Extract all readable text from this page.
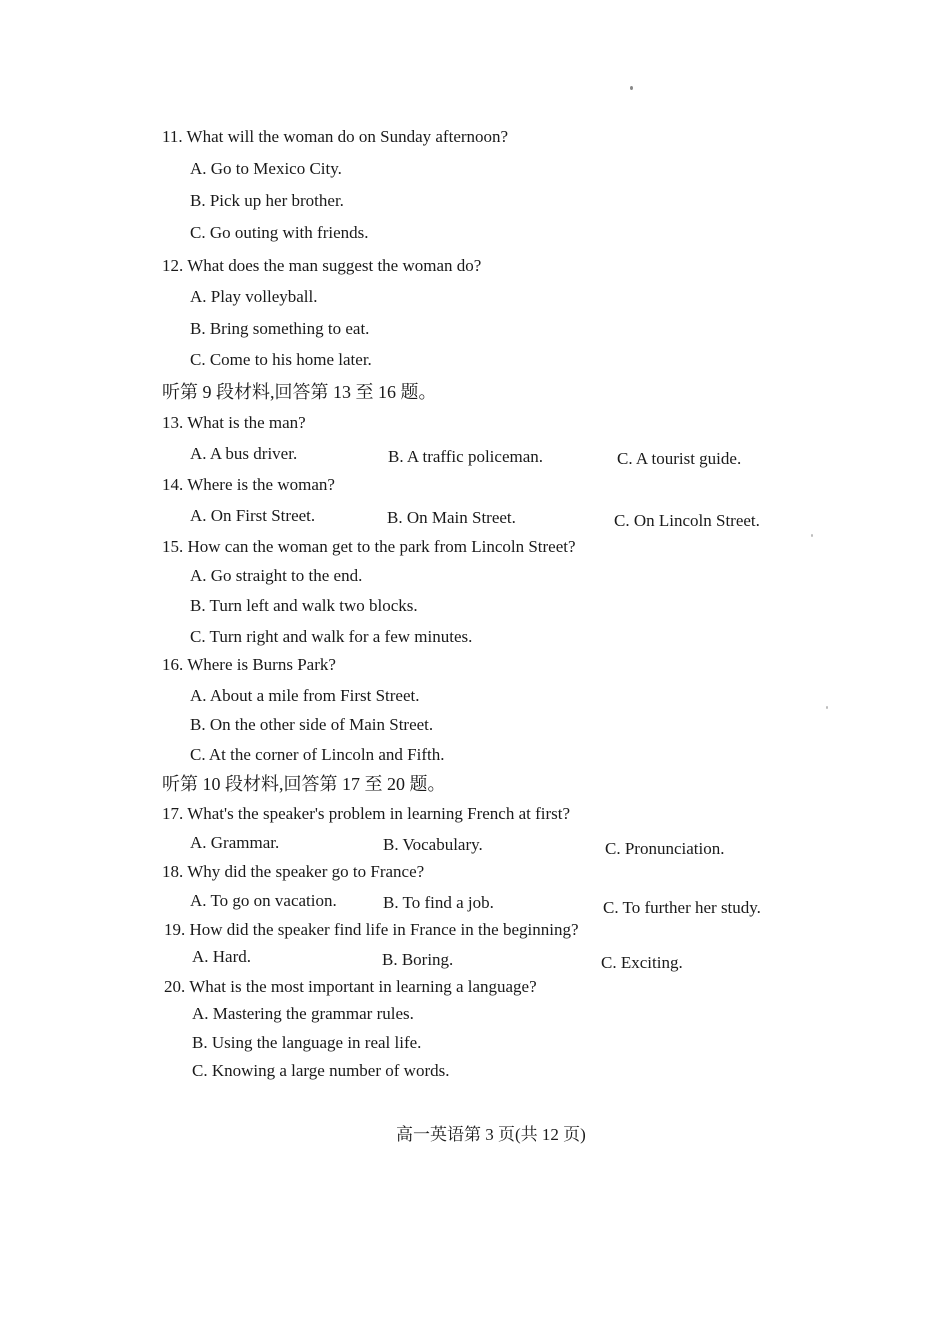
11. What will the woman do on Sunday afternoon?
A. Go to Mexico City.
B. Pick up her brother.
C. Go outing with friends.
12. What does the man suggest the woman do?
A. Play volleyball.
B. Bring something to eat.
C. Come to his home later.
听第 9 段材料,回答第 13 至 16 题。
13. What is the man?
A. A bus driver.	B. A traffic policeman.	C. A tourist guide.
14. Where is the woman?
A. On First Street.	B. On Main Street.	C. On Lincoln Street.
15. How can the woman get to the park from Lincoln Street?
A. Go straight to the end.
B. Turn left and walk two blocks.
C. Turn right and walk for a few minutes.
16. Where is Burns Park?
A. About a mile from First Street.
B. On the other side of Main Street.
C. At the corner of Lincoln and Fifth.
听第 10 段材料,回答第 17 至 20 题。
17. What's the speaker's problem in learning French at first?
A. Grammar.	B. Vocabulary.	C. Pronunciation.
18. Why did the speaker go to France?
A. To go on vacation.	B. To find a job.	C. To further her study.
19. How did the speaker find life in France in the beginning?
A. Hard.	B. Boring.	C. Exciting.
20. What is the most important in learning a language?
A. Mastering the grammar rules.
B. Using the language in real life.
C. Knowing a large number of words.
高一英语第 3 页(共 12 页)
